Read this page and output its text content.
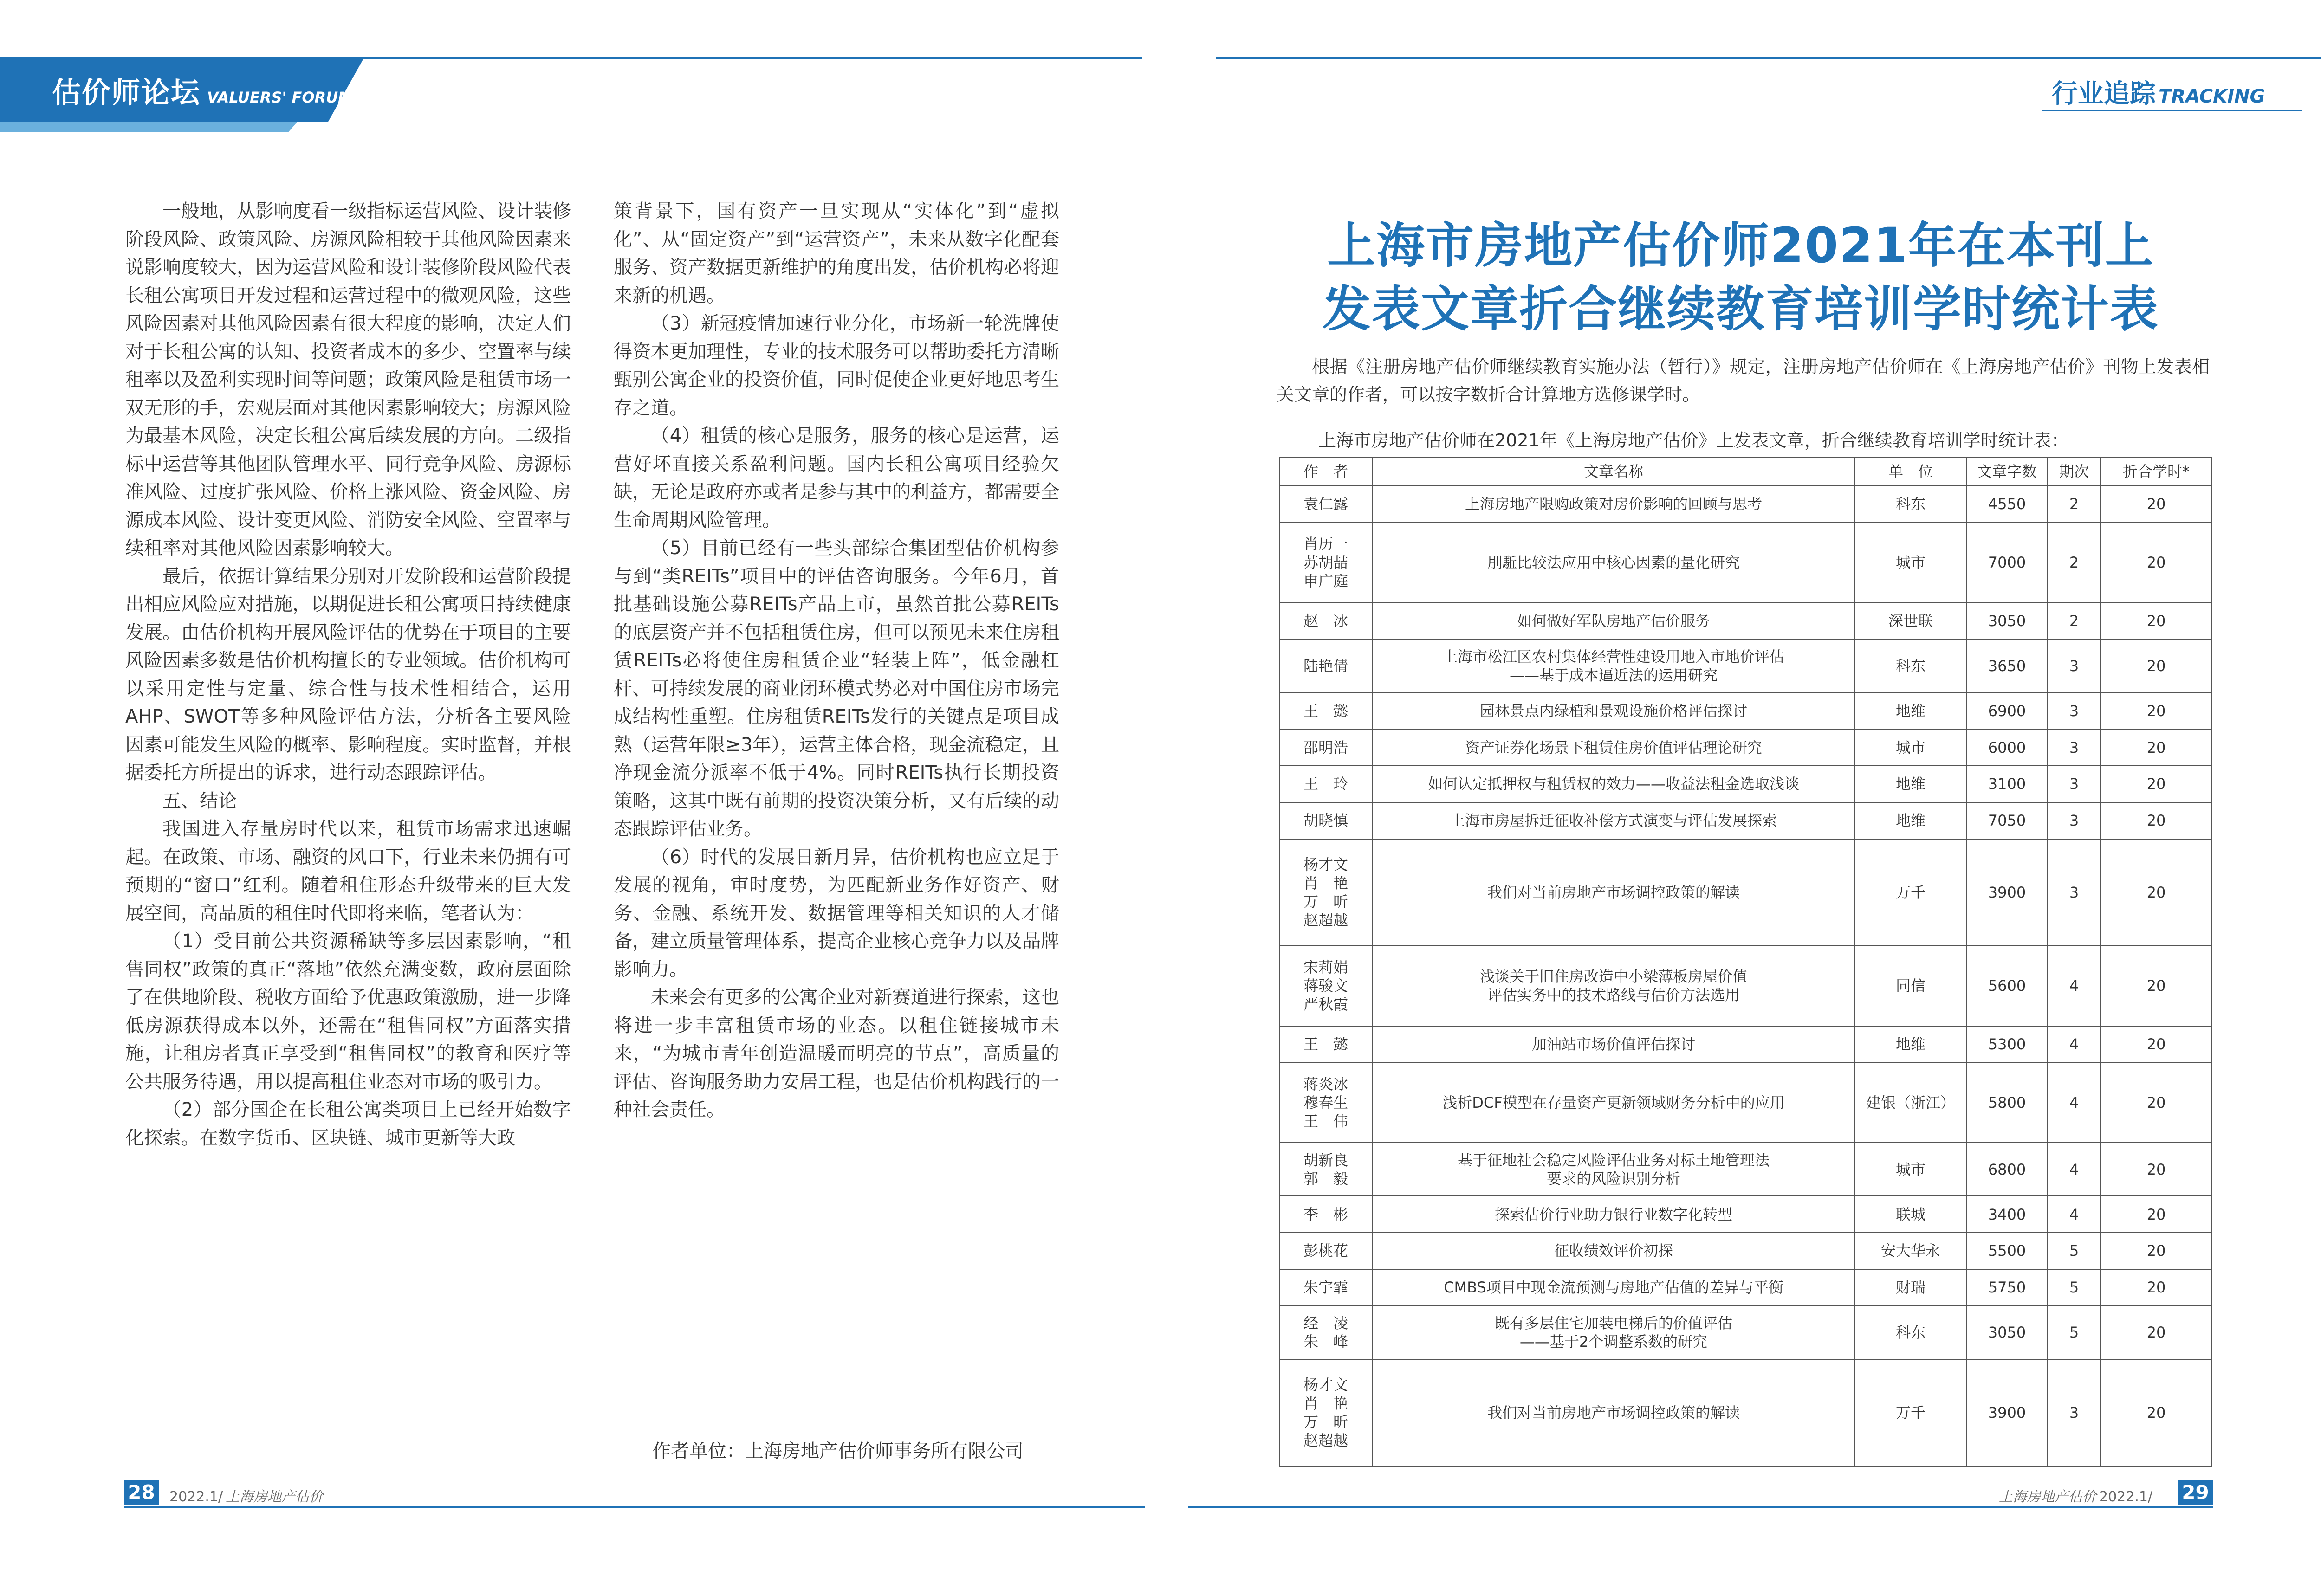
估价师论坛 VALUERS' FORUM	行业追踪 TRACKING

一般地，从影响度看一级指标运营风险、设计装修阶段风险、政策风险、房源风险相较于其他风险因素来说影响度较大，因为运营风险和设计装修阶段风险代表长租公寓项目开发过程和运营过程中的微观风险，这些风险因素对其他风险因素有很大程度的影响，决定人们对于长租公寓的认知、投资者成本的多少、空置率与续租率以及盈利实现时间等问题；政策风险是租赁市场一双无形的手，宏观层面对其他因素影响较大；房源风险为最基本风险，决定长租公寓后续发展的方向。二级指标中运营等其他团队管理水平、同行竞争风险、房源标准风险、过度扩张风险、价格上涨风险、资金风险、房源成本风险、设计变更风险、消防安全风险、空置率与续租率对其他风险因素影响较大。

最后，依据计算结果分别对开发阶段和运营阶段提出相应风险应对措施，以期促进长租公寓项目持续健康发展。由估价机构开展风险评估的优势在于项目的主要风险因素多数是估价机构擅长的专业领域。估价机构可以采用定性与定量、综合性与技术性相结合，运用AHP、SWOT等多种风险评估方法，分析各主要风险因素可能发生风险的概率、影响程度。实时监督，并根据委托方所提出的诉求，进行动态跟踪评估。

五、结论

我国进入存量房时代以来，租赁市场需求迅速崛起。在政策、市场、融资的风口下，行业未来仍拥有可预期的“窗口”红利。随着租住形态升级带来的巨大发展空间，高品质的租住时代即将来临，笔者认为：

（1）受目前公共资源稀缺等多层因素影响，“租售同权”政策的真正“落地”依然充满变数，政府层面除了在供地阶段、税收方面给予优惠政策激励，进一步降低房源获得成本以外，还需在“租售同权”方面落实措施，让租房者真正享受到“租售同权”的教育和医疗等公共服务待遇，用以提高租住业态对市场的吸引力。

（2）部分国企在长租公寓类项目上已经开始数字化探索。在数字货币、区块链、城市更新等大政

策背景下，国有资产一旦实现从“实体化”到“虚拟化”、从“固定资产”到“运营资产”，未来从数字化配套服务、资产数据更新维护的角度出发，估价机构必将迎来新的机遇。

（3）新冠疫情加速行业分化，市场新一轮洗牌使得资本更加理性，专业的技术服务可以帮助委托方清晰甄别公寓企业的投资价值，同时促使企业更好地思考生存之道。

（4）租赁的核心是服务，服务的核心是运营，运营好坏直接关系盈利问题。国内长租公寓项目经验欠缺，无论是政府亦或者是参与其中的利益方，都需要全生命周期风险管理。

（5）目前已经有一些头部综合集团型估价机构参与到“类REITs”项目中的评估咨询服务。今年6月，首批基础设施公募REITs产品上市，虽然首批公募REITs的底层资产并不包括租赁住房，但可以预见未来住房租赁REITs必将使住房租赁企业“轻装上阵”，低金融杠杆、可持续发展的商业闭环模式势必对中国住房市场完成结构性重塑。住房租赁REITs发行的关键点是项目成熟（运营年限≥3年），运营主体合格，现金流稳定，且净现金流分派率不低于4%。同时REITs执行长期投资策略，这其中既有前期的投资决策分析，又有后续的动态跟踪评估业务。

（6）时代的发展日新月异，估价机构也应立足于发展的视角，审时度势，为匹配新业务作好资产、财务、金融、系统开发、数据管理等相关知识的人才储备，建立质量管理体系，提高企业核心竞争力以及品牌影响力。

未来会有更多的公寓企业对新赛道进行探索，这也将进一步丰富租赁市场的业态。以租住链接城市未来，“为城市青年创造温暖而明亮的节点”，高质量的评估、咨询服务助力安居工程，也是估价机构践行的一种社会责任。

作者单位：上海房地产估价师事务所有限公司
上海市房地产估价师2021年在本刊上
发表文章折合继续教育培训学时统计表
根据《注册房地产估价师继续教育实施办法（暂行）》规定，注册房地产估价师在《上海房地产估价》刊物上发表相关文章的作者，可以按字数折合计算地方选修课学时。
上海市房地产估价师在2021年《上海房地产估价》上发表文章，折合继续教育培训学时统计表：
作　者	文章名称	单　位	文章字数	期次	折合学时*

袁仁露	上海房地产限购政策对房价影响的回顾与思考	科东	4550	2	20

肖历一
苏胡喆
申广庭	刖駈比较法应用中核心因素的量化研究	城市	7000	2	20

赵　冰	如何做好军队房地产估价服务	深世联	3050	2	20

陆艳倩	上海市松江区农村集体经营性建设用地入市地价评估
——基于成本逼近法的运用研究	科东	3650	3	20

王　懿	园林景点内绿植和景观设施价格评估探讨	地维	6900	3	20

邵明浩	资产证券化场景下租赁住房价值评估理论研究	城市	6000	3	20

王　玲	如何认定抵押权与租赁权的效力——收益法租金选取浅谈	地维	3100	3	20

胡晓慎	上海市房屋拆迁征收补偿方式演变与评估发展探索	地维	7050	3	20

杨才文
肖　艳
万　昕
赵超越	我们对当前房地产市场调控政策的解读	万千	3900	3	20

宋莉娟
蒋骏文
严秋霞	浅谈关于旧住房改造中小梁薄板房屋价值
评估实务中的技术路线与估价方法选用	同信	5600	4	20

王　懿	加油站市场价值评估探讨	地维	5300	4	20

蒋炎冰
穆春生
王　伟	浅析DCF模型在存量资产更新领域财务分析中的应用	建银（浙江）	5800	4	20

胡新良
郭　毅	基于征地社会稳定风险评估业务对标土地管理法
要求的风险识别分析	城市	6800	4	20

李　彬	探索估价行业助力银行业数字化转型	联城	3400	4	20

彭桃花	征收绩效评价初探	安大华永	5500	5	20

朱宇霏	CMBS项目中现金流预测与房地产估值的差异与平衡	财瑞	5750	5	20

经　凌
朱　峰	既有多层住宅加装电梯后的价值评估
——基于2个调整系数的研究	科东	3050	5	20

杨才文
肖　艳
万　昕
赵超越	我们对当前房地产市场调控政策的解读	万千	3900	3	20
28 2022.1/ 上海房地产估价	上海房地产估价 2022.1/ 29
